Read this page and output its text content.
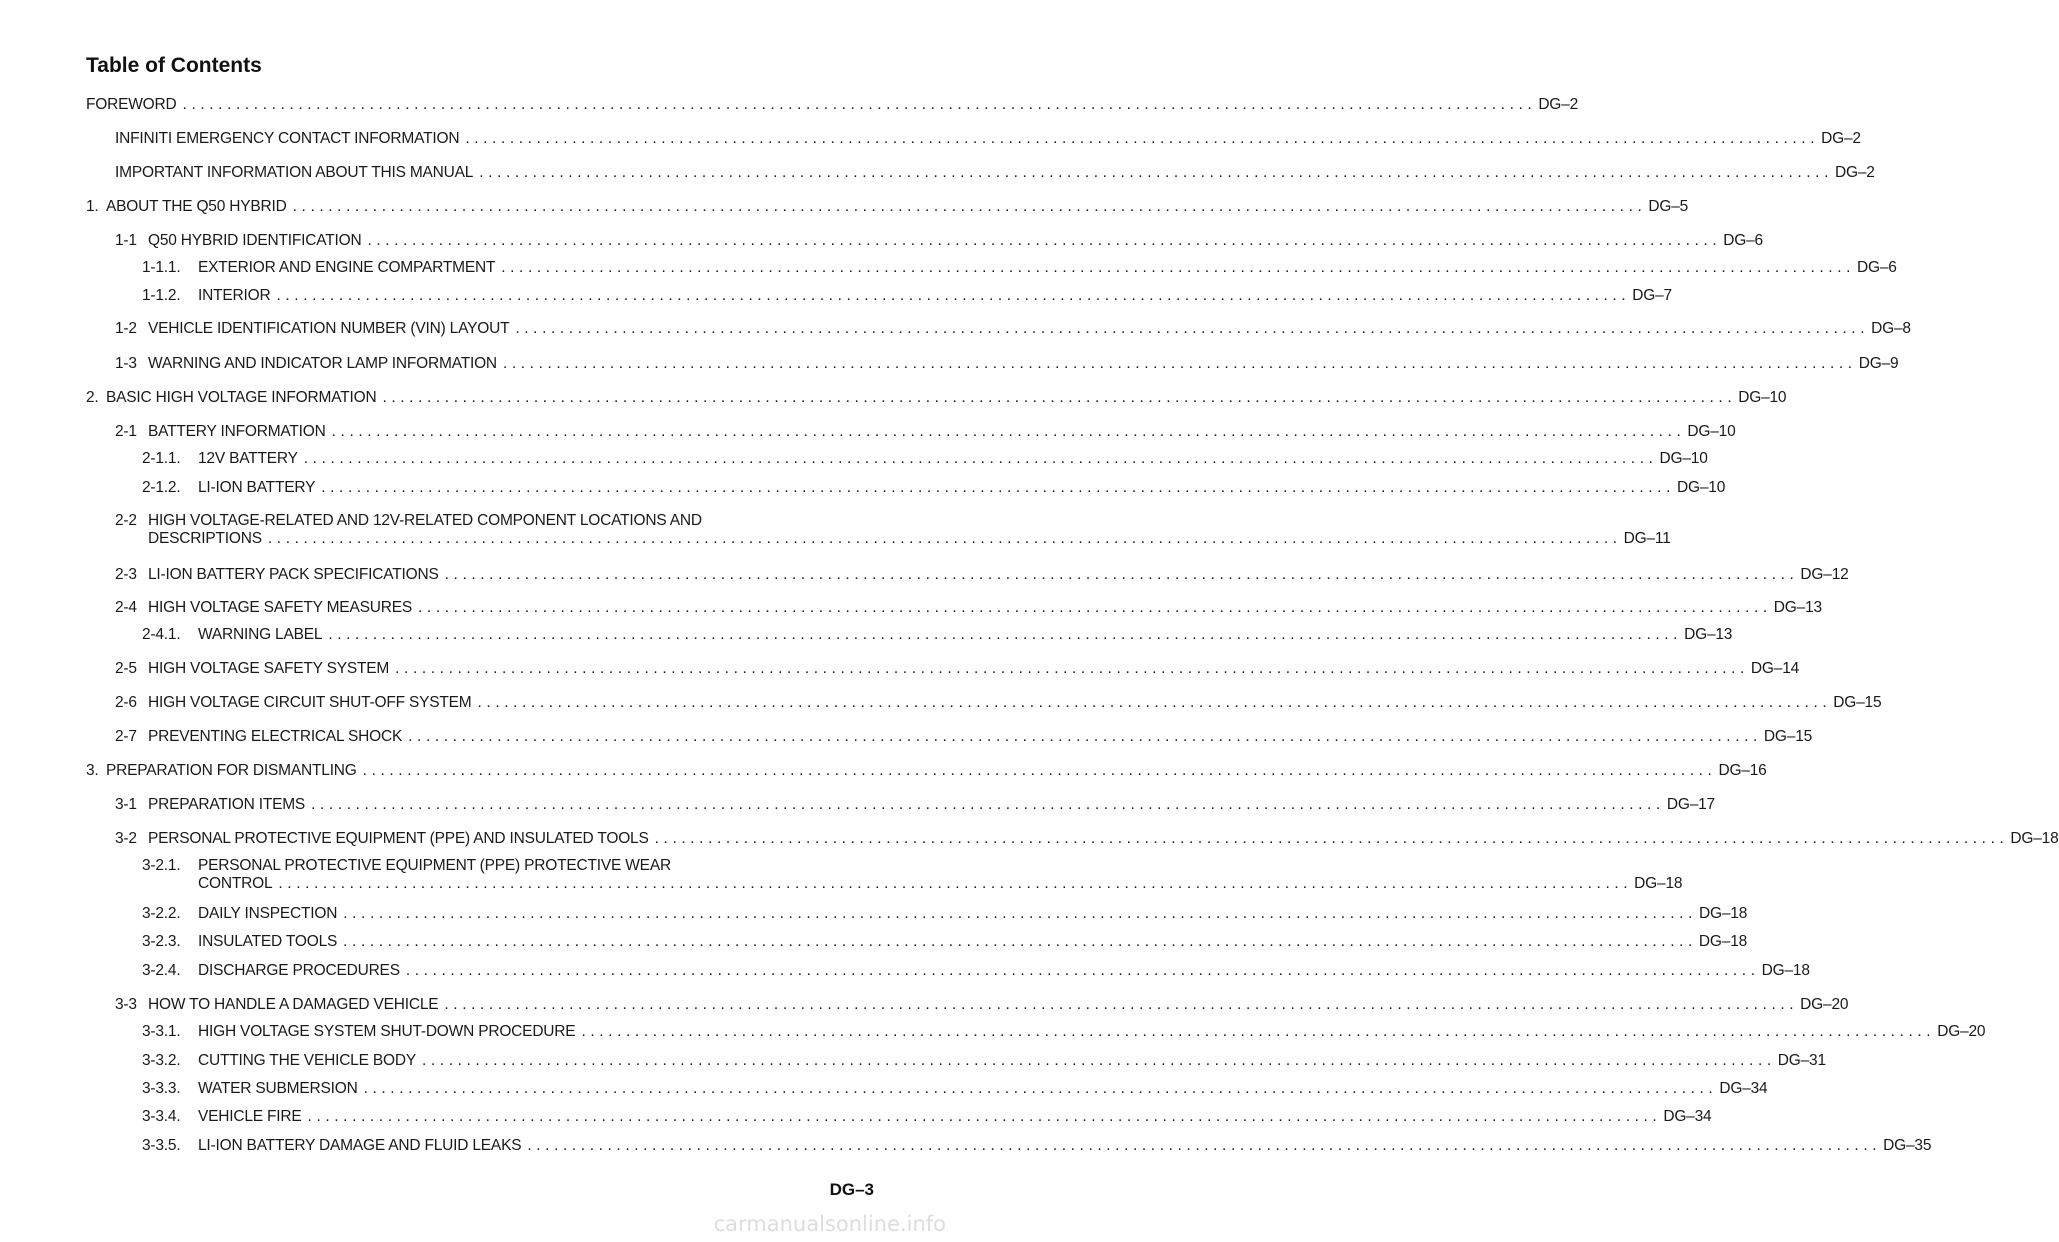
Table of Contents
FOREWORD ........................................................................................................................................................ DG–2
INFINITI EMERGENCY CONTACT INFORMATION ........................................................................................................................................................ DG–2
IMPORTANT INFORMATION ABOUT THIS MANUAL ........................................................................................................................................................ DG–2
1. ABOUT THE Q50 HYBRID ........................................................................................................................................................ DG–5
1-1 Q50 HYBRID IDENTIFICATION ........................................................................................................................................................ DG–6
1-1.1.	EXTERIOR AND ENGINE COMPARTMENT ........................................................................................................................................................ DG–6
1-1.2.	INTERIOR ........................................................................................................................................................ DG–7
1-2 VEHICLE IDENTIFICATION NUMBER (VIN) LAYOUT ........................................................................................................................................................ DG–8
1-3 WARNING AND INDICATOR LAMP INFORMATION ........................................................................................................................................................ DG–9
2. BASIC HIGH VOLTAGE INFORMATION ........................................................................................................................................................ DG–10
2-1 BATTERY INFORMATION ........................................................................................................................................................ DG–10
2-1.1.	12V BATTERY ........................................................................................................................................................ DG–10
2-1.2.	LI-ION BATTERY ........................................................................................................................................................ DG–10
2-2 HIGH VOLTAGE-RELATED AND 12V-RELATED COMPONENT LOCATIONS AND
DESCRIPTIONS ........................................................................................................................................................ DG–11
2-3 LI-ION BATTERY PACK SPECIFICATIONS ........................................................................................................................................................ DG–12
2-4 HIGH VOLTAGE SAFETY MEASURES ........................................................................................................................................................ DG–13
2-4.1.	WARNING LABEL ........................................................................................................................................................ DG–13
2-5 HIGH VOLTAGE SAFETY SYSTEM ........................................................................................................................................................ DG–14
2-6 HIGH VOLTAGE CIRCUIT SHUT-OFF SYSTEM ........................................................................................................................................................ DG–15
2-7 PREVENTING ELECTRICAL SHOCK ........................................................................................................................................................ DG–15
3. PREPARATION FOR DISMANTLING ........................................................................................................................................................ DG–16
3-1 PREPARATION ITEMS ........................................................................................................................................................ DG–17
3-2 PERSONAL PROTECTIVE EQUIPMENT (PPE) AND INSULATED TOOLS ........................................................................................................................................................ DG–18
3-2.1. PERSONAL PROTECTIVE EQUIPMENT (PPE) PROTECTIVE WEAR
CONTROL ........................................................................................................................................................ DG–18
3-2.2.	DAILY INSPECTION ........................................................................................................................................................ DG–18
3-2.3.	INSULATED TOOLS ........................................................................................................................................................ DG–18
3-2.4.	DISCHARGE PROCEDURES ........................................................................................................................................................ DG–18
3-3 HOW TO HANDLE A DAMAGED VEHICLE ........................................................................................................................................................ DG–20
3-3.1.	HIGH VOLTAGE SYSTEM SHUT-DOWN PROCEDURE ........................................................................................................................................................ DG–20
3-3.2.	CUTTING THE VEHICLE BODY ........................................................................................................................................................ DG–31
3-3.3.	WATER SUBMERSION ........................................................................................................................................................ DG–34
3-3.4.	VEHICLE FIRE ........................................................................................................................................................ DG–34
3-3.5.	LI-ION BATTERY DAMAGE AND FLUID LEAKS ........................................................................................................................................................ DG–35
DG–3
carmanualsonline.info
